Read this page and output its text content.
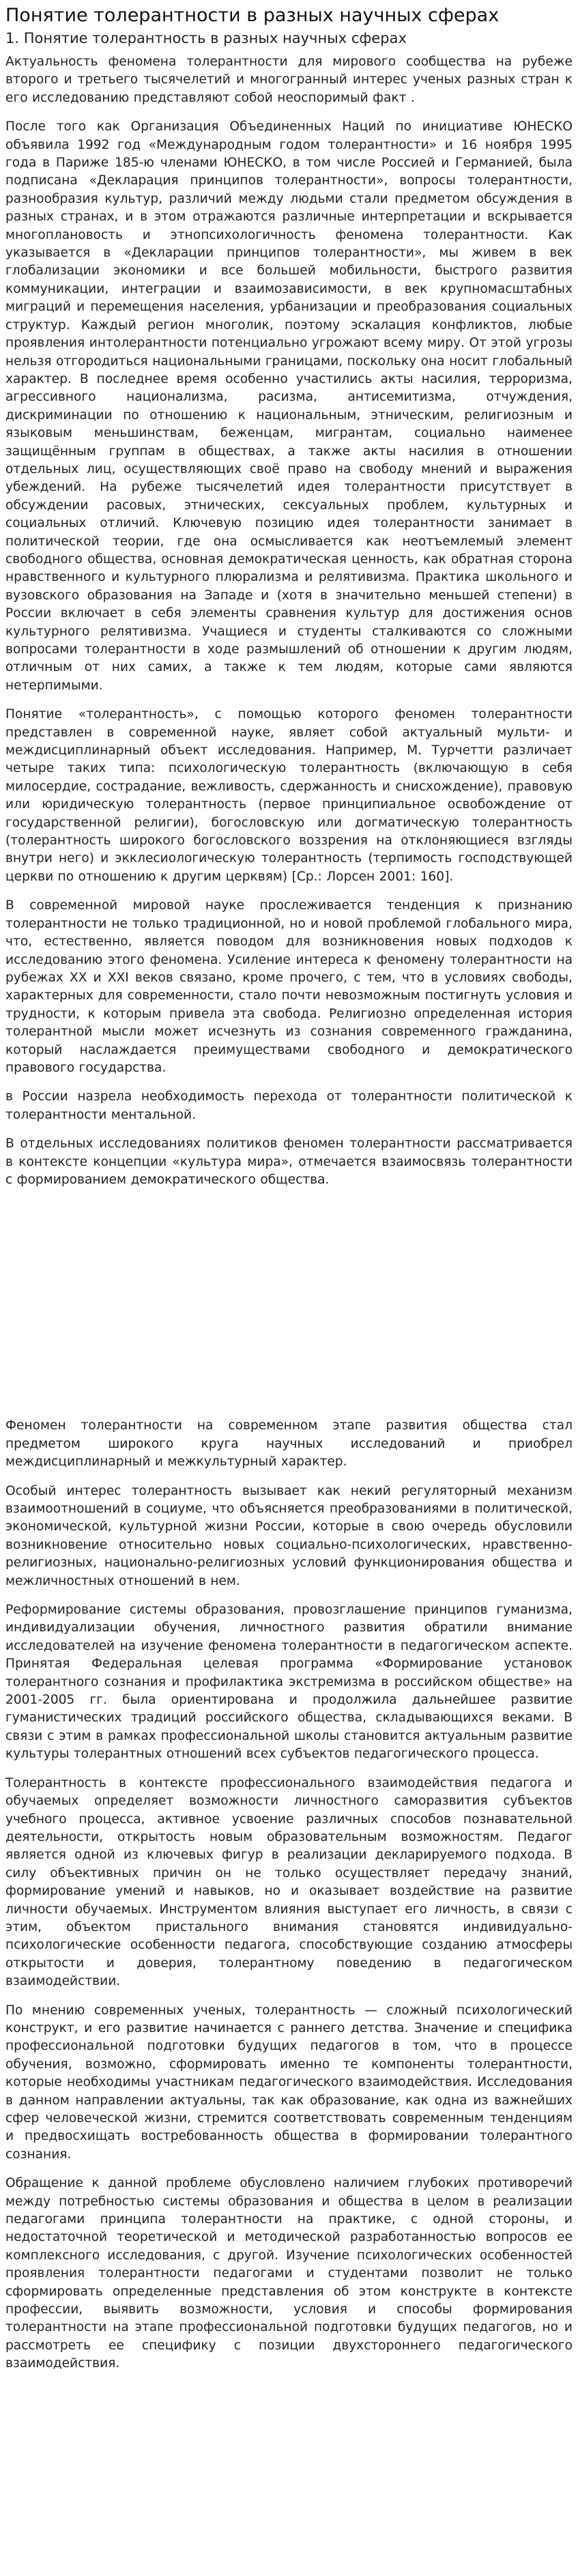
Понятие толерантности в разных научных сферах
1. Понятие толерантность в разных научных сферах

Актуальность феномена толерантности для мирового сообщества на рубеже второго и третьего тысячелетий и многогранный интерес ученых разных стран к его исследованию представляют собой неоспоримый факт .

После того как Организация Объединенных Наций по инициативе ЮНЕСКО объявила 1992 год «Международным годом толерантности» и 16 ноября 1995 года в Париже 185-ю членами ЮНЕСКО, в том числе Россией и Германией, была подписана «Декларация принципов толерантности», вопросы толерантности, разнообразия культур, различий между людьми стали предметом обсуждения в разных странах, и в этом отражаются различные интерпретации и вскрывается многоплановость и этнопсихологичность феномена толерантности. Как указывается в «Декларации принципов толерантности», мы живем в век глобализации экономики и все большей мобильности, быстрого развития коммуникации, интеграции и взаимозависимости, в век крупномасштабных миграций и перемещения населения, урбанизации и преобразования социальных структур. Каждый регион многолик, поэтому эскалация конфликтов, любые проявления интолерантности потенциально угрожают всему миру. От этой угрозы нельзя отгородиться национальными границами, поскольку она носит глобальный характер. В последнее время особенно участились акты насилия, терроризма, агрессивного национализма, расизма, антисемитизма, отчуждения, дискриминации по отношению к национальным, этническим, религиозным и языковым меньшинствам, беженцам, мигрантам, социально наименее защищённым группам в обществах, а также акты насилия в отношении отдельных лиц, осуществляющих своё право на свободу мнений и выражения убеждений. На рубеже тысячелетий идея толерантности присутствует в обсуждении расовых, этнических, сексуальных проблем, культурных и социальных отличий. Ключевую позицию идея толерантности занимает в политической теории, где она осмысливается как неотъемлемый элемент свободного общества, основная демократическая ценность, как обратная сторона нравственного и культурного плюрализма и релятивизма. Практика школьного и вузовского образования на Западе и (хотя в значительно меньшей степени) в России включает в себя элементы сравнения культур для достижения основ культурного релятивизма. Учащиеся и студенты сталкиваются со сложными вопросами толерантности в ходе размышлений об отношении к другим людям, отличным от них самих, а также к тем людям, которые сами являются нетерпимыми.

Понятие «толерантность», с помощью которого феномен толерантности представлен в современной науке, являет собой актуальный мульти- и междисциплинарный объект исследования. Например, М. Турчетти различает четыре таких типа: психологическую толерантность (включающую в себя милосердие, сострадание, вежливость, сдержанность и снисхождение), правовую или юридическую толерантность (первое принципиальное освобождение от государственной религии), богословскую или догматическую толерантность (толерантность широкого богословского воззрения на отклоняющиеся взгляды внутри него) и экклесиологическую толерантность (терпимость господствующей церкви по отношению к другим церквям) [Ср.: Лорсен 2001: 160].

В современной мировой науке прослеживается тенденция к признанию толерантности не только традиционной, но и новой проблемой глобального мира, что, естественно, является поводом для возникновения новых подходов к исследованию этого феномена. Усиление интереса к феномену толерантности на рубежах XX и XXI веков связано, кроме прочего, с тем, что в условиях свободы, характерных для современности, стало почти невозможным постигнуть условия и трудности, к которым привела эта свобода. Религиозно определенная история толерантной мысли может исчезнуть из сознания современного гражданина, который наслаждается преимуществами свободного и демократического правового государства.

в России назрела необходимость перехода от толерантности политической к толерантности ментальной.

В отдельных исследованиях политиков феномен толерантности рассматривается в контексте концепции «культура мира», отмечается взаимосвязь толерантности с формированием демократического общества.

Феномен толерантности на современном этапе развития общества стал предметом широкого круга научных исследований и приобрел междисциплинарный и межкультурный характер.

Особый интерес толерантность вызывает как некий регуляторный механизм взаимоотношений в социуме, что объясняется преобразованиями в политической, экономической, культурной жизни России, которые в свою очередь обусловили возникновение относительно новых социально-психологических, нравственно-религиозных, национально-религиозных условий функционирования общества и межличностных отношений в нем.

Реформирование системы образования, провозглашение принципов гуманизма, индивидуализации обучения, личностного развития обратили внимание исследователей на изучение феномена толерантности в педагогическом аспекте. Принятая Федеральная целевая программа «Формирование установок толерантного сознания и профилактика экстремизма в российском обществе» на 2001-2005 гг. была ориентирована и продолжила дальнейшее развитие гуманистических традиций российского общества, складывающихся веками. В связи с этим в рамках профессиональной школы становится актуальным развитие культуры толерантных отношений всех субъектов педагогического процесса.

Толерантность в контексте профессионального взаимодействия педагога и обучаемых определяет возможности личностного саморазвития субъектов учебного процесса, активное усвоение различных способов познавательной деятельности, открытость новым образовательным возможностям. Педагог является одной из ключевых фигур в реализации декларируемого подхода. В силу объективных причин он не только осуществляет передачу знаний, формирование умений и навыков, но и оказывает воздействие на развитие личности обучаемых. Инструментом влияния выступает его личность, в связи с этим, объектом пристального внимания становятся индивидуально-психологические особенности педагога, способствующие созданию атмосферы открытости и доверия, толерантному поведению в педагогическом взаимодействии.

По мнению современных ученых, толерантность — сложный психологический конструкт, и его развитие начинается с раннего детства. Значение и специфика профессиональной подготовки будущих педагогов в том, что в процессе обучения, возможно, сформировать именно те компоненты толерантности, которые необходимы участникам педагогического взаимодействия. Исследования в данном направлении актуальны, так как образование, как одна из важнейших сфер человеческой жизни, стремится соответствовать современным тенденциям и предвосхищать востребованность общества в формировании толерантного сознания.

Обращение к данной проблеме обусловлено наличием глубоких противоречий между потребностью системы образования и общества в целом в реализации педагогами принципа толерантности на практике, с одной стороны, и недостаточной теоретической и методической разработанностью вопросов ее комплексного исследования, с другой. Изучение психологических особенностей проявления толерантности педагогами и студентами позволит не только сформировать определенные представления об этом конструкте в контексте профессии, выявить возможности, условия и способы формирования толерантности на этапе профессиональной подготовки будущих педагогов, но и рассмотреть ее специфику с позиции двухстороннего педагогического взаимодействия.
